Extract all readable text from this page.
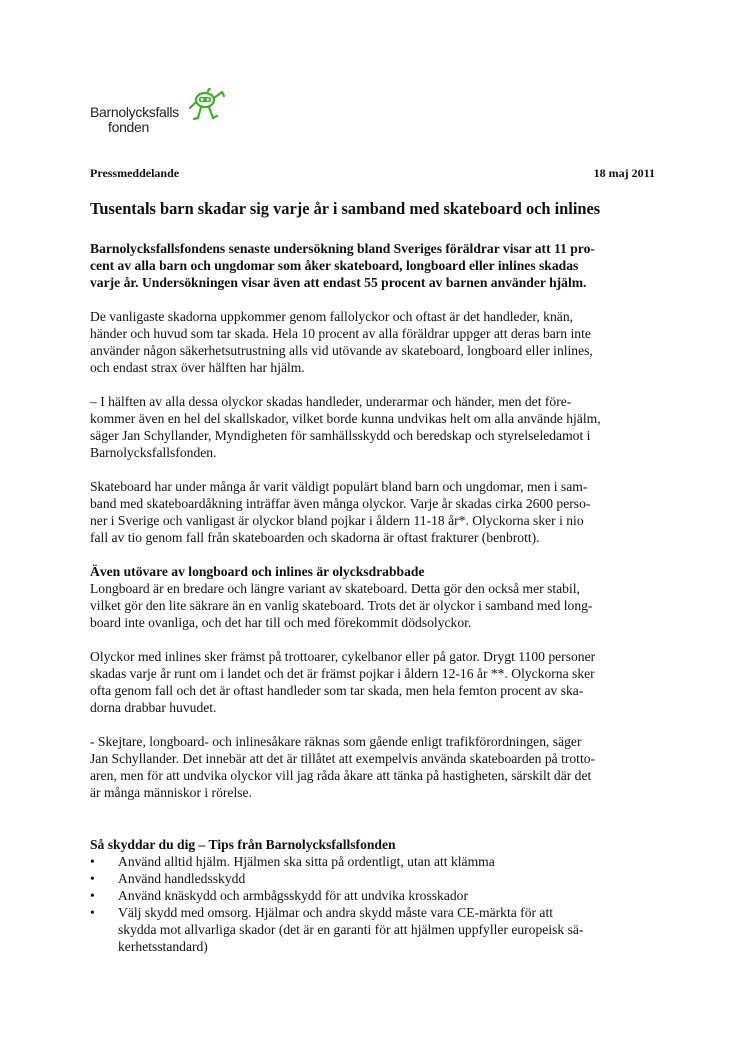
Barnolycksfalls
fonden
Pressmeddelande	18 maj 2011
Tusentals barn skadar sig varje år i samband med skateboard och inlines
Barnolycksfallsfondens senaste undersökning bland Sveriges föräldrar visar att 11 pro-
cent av alla barn och ungdomar som åker skateboard, longboard eller inlines skadas
varje år. Undersökningen visar även att endast 55 procent av barnen använder hjälm.
De vanligaste skadorna uppkommer genom fallolyckor och oftast är det handleder, knän,
händer och huvud som tar skada. Hela 10 procent av alla föräldrar uppger att deras barn inte
använder någon säkerhetsutrustning alls vid utövande av skateboard, longboard eller inlines,
och endast strax över hälften har hjälm.
– I hälften av alla dessa olyckor skadas handleder, underarmar och händer, men det före-
kommer även en hel del skallskador, vilket borde kunna undvikas helt om alla använde hjälm,
säger Jan Schyllander, Myndigheten för samhällsskydd och beredskap och styrelseledamot i
Barnolycksfallsfonden.
Skateboard har under många år varit väldigt populärt bland barn och ungdomar, men i sam-
band med skateboardåkning inträffar även många olyckor. Varje år skadas cirka 2600 perso-
ner i Sverige och vanligast är olyckor bland pojkar i åldern 11-18 år*. Olyckorna sker i nio
fall av tio genom fall från skateboarden och skadorna är oftast frakturer (benbrott).
Även utövare av longboard och inlines är olycksdrabbade
Longboard är en bredare och längre variant av skateboard. Detta gör den också mer stabil,
vilket gör den lite säkrare än en vanlig skateboard. Trots det är olyckor i samband med long-
board inte ovanliga, och det har till och med förekommit dödsolyckor.
Olyckor med inlines sker främst på trottoarer, cykelbanor eller på gator. Drygt 1100 personer
skadas varje år runt om i landet och det är främst pojkar i åldern 12-16 år **. Olyckorna sker
ofta genom fall och det är oftast handleder som tar skada, men hela femton procent av ska-
dorna drabbar huvudet.
- Skejtare, longboard- och inlinesåkare räknas som gående enligt trafikförordningen, säger
Jan Schyllander. Det innebär att det är tillåtet att exempelvis använda skateboarden på trotto-
aren, men för att undvika olyckor vill jag råda åkare att tänka på hastigheten, särskilt där det
är många människor i rörelse.
Så skyddar du dig – Tips från Barnolycksfallsfonden
• Använd alltid hjälm. Hjälmen ska sitta på ordentligt, utan att klämma
• Använd handledsskydd
• Använd knäskydd och armbågsskydd för att undvika krosskador
• Välj skydd med omsorg. Hjälmar och andra skydd måste vara CE-märkta för att
skydda mot allvarliga skador (det är en garanti för att hjälmen uppfyller europeisk sä-
kerhetsstandard)
